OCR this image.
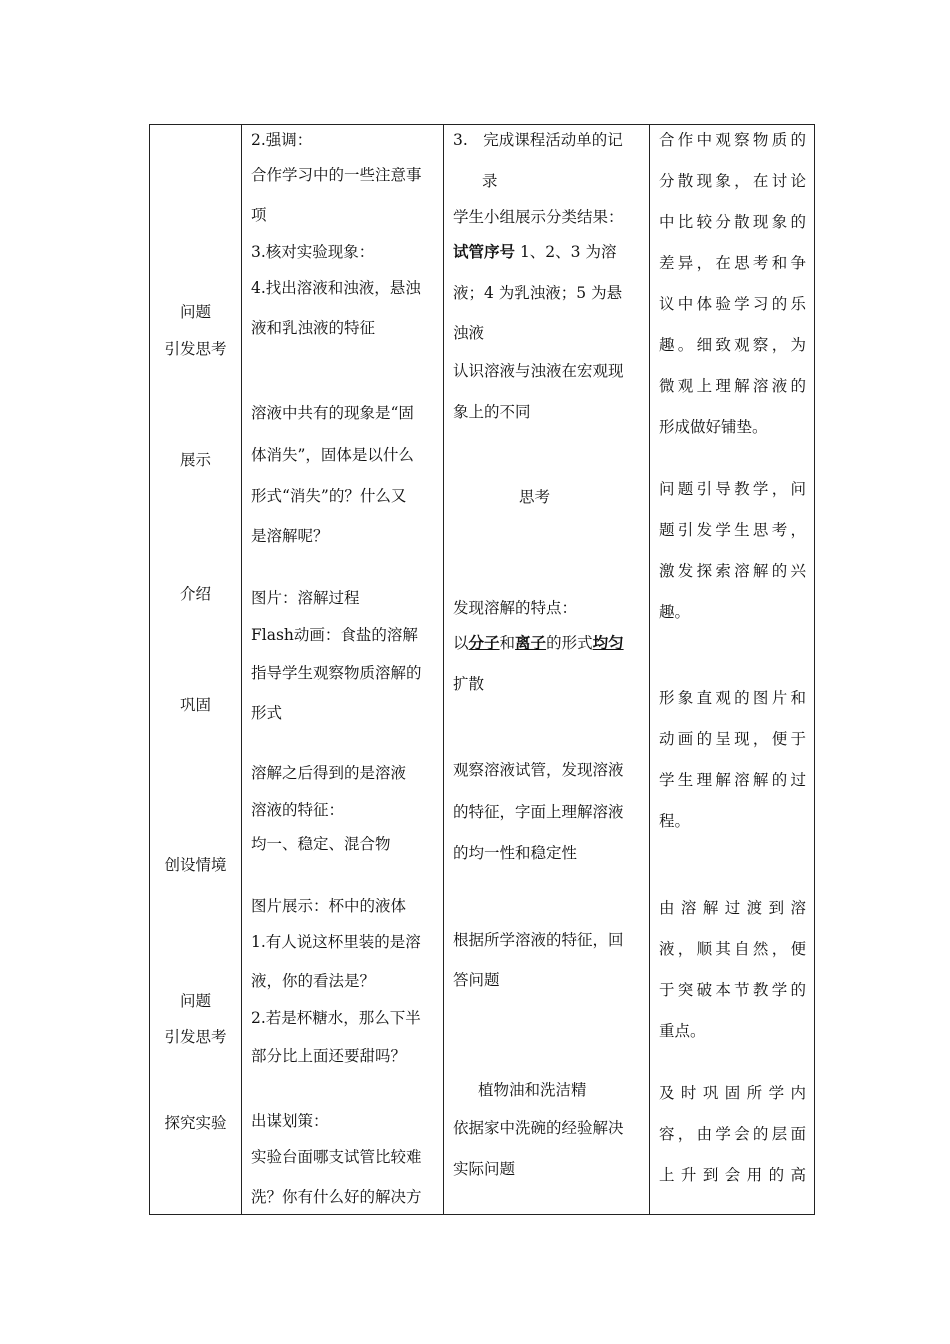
问题
引发思考
展示
介绍
巩固
创设情境
问题
引发思考
探究实验
2.强调：
合作学习中的一些注意事
项
3.核对实验现象：
4.找出溶液和浊液，悬浊
液和乳浊液的特征
溶液中共有的现象是“固
体消失”，固体是以什么
形式“消失”的？什么又
是溶解呢？
图片：溶解过程
Flash动画：食盐的溶解
指导学生观察物质溶解的
形式
溶解之后得到的是溶液
溶液的特征：
均一、稳定、混合物
图片展示：杯中的液体
1.有人说这杯里装的是溶
液，你的看法是？
2.若是杯糖水，那么下半
部分比上面还要甜吗？
出谋划策：
实验台面哪支试管比较难
洗？你有什么好的解决方
3.　完成课程活动单的记
录
学生小组展示分类结果：
试管序号 1、2、3 为溶
液；4 为乳浊液；5 为悬
浊液
认识溶液与浊液在宏观现
象上的不同
思考
发现溶解的特点：
以分子和离子的形式均匀
扩散
观察溶液试管，发现溶液
的特征，字面上理解溶液
的均一性和稳定性
根据所学溶液的特征，回
答问题
植物油和洗洁精
依据家中洗碗的经验解决
实际问题
合作中观察物质的
分散现象，在讨论
中比较分散现象的
差异，在思考和争
议中体验学习的乐
趣。细致观察，为
微观上理解溶液的
形成做好铺垫。
问题引导教学，问
题引发学生思考，
激发探索溶解的兴
趣。
形象直观的图片和
动画的呈现，便于
学生理解溶解的过
程。
由溶解过渡到溶
液，顺其自然，便
于突破本节教学的
重点。
及时巩固所学内
容，由学会的层面
上升到会用的高
